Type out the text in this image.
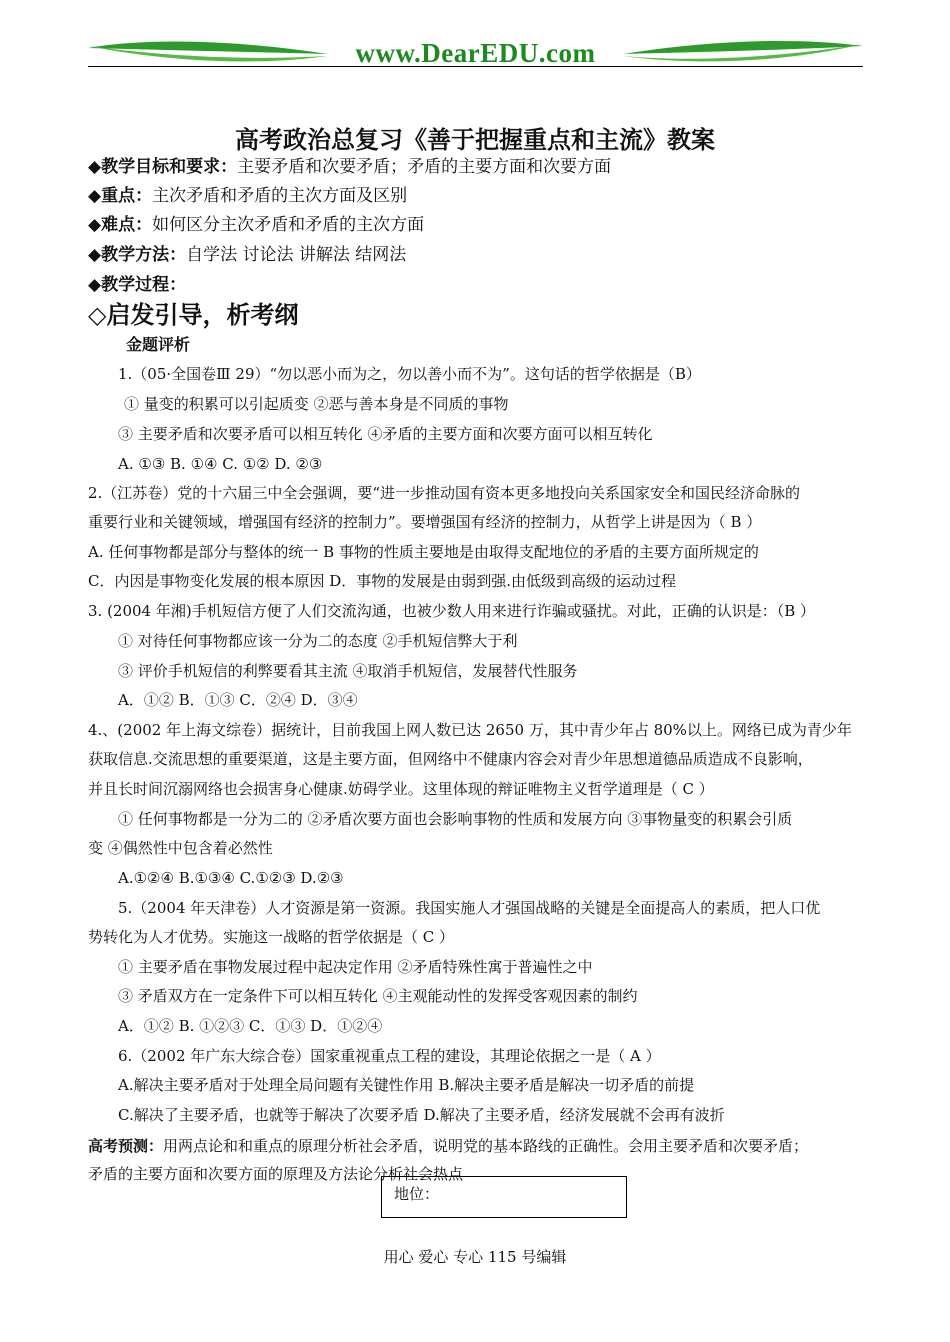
www.DearEDU.com
高考政治总复习《善于把握重点和主流》教案
◆教学目标和要求：主要矛盾和次要矛盾；矛盾的主要方面和次要方面
◆重点：主次矛盾和矛盾的主次方面及区别
◆难点：如何区分主次矛盾和矛盾的主次方面
◆教学方法：自学法 讨论法 讲解法 结网法
◆教学过程：
◇启发引导，析考纲
金题评析
1.（05·全国卷Ⅲ 29）“勿以恶小而为之，勿以善小而不为”。这句话的哲学依据是（B）
① 量变的积累可以引起质变 ②恶与善本身是不同质的事物
③ 主要矛盾和次要矛盾可以相互转化 ④矛盾的主要方面和次要方面可以相互转化
A. ①③ B. ①④ C. ①② D. ②③
2.（江苏卷）党的十六届三中全会强调，要“进一步推动国有资本更多地投向关系国家安全和国民经济命脉的
重要行业和关键领域，增强国有经济的控制力”。要增强国有经济的控制力，从哲学上讲是因为（ B ）
A. 任何事物都是部分与整体的统一 B 事物的性质主要地是由取得支配地位的矛盾的主要方面所规定的
C．内因是事物变化发展的根本原因 D．事物的发展是由弱到强.由低级到高级的运动过程
3. (2004 年湘)手机短信方便了人们交流沟通，也被少数人用来进行诈骗或骚扰。对此，正确的认识是：（B ）
① 对待任何事物都应该一分为二的态度 ②手机短信弊大于利
③ 评价手机短信的利弊要看其主流 ④取消手机短信，发展替代性服务
A．①② B．①③ C．②④ D．③④
4.、(2002 年上海文综卷）据统计，目前我国上网人数已达 2650 万，其中青少年占 80%以上。网络已成为青少年
获取信息.交流思想的重要渠道，这是主要方面，但网络中不健康内容会对青少年思想道德品质造成不良影响，
并且长时间沉溺网络也会损害身心健康.妨碍学业。这里体现的辩证唯物主义哲学道理是（ C ）
① 任何事物都是一分为二的 ②矛盾次要方面也会影响事物的性质和发展方向 ③事物量变的积累会引质
变 ④偶然性中包含着必然性
A.①②④ B.①③④ C.①②③ D.②③
5.（2004 年天津卷）人才资源是第一资源。我国实施人才强国战略的关键是全面提高人的素质，把人口优
势转化为人才优势。实施这一战略的哲学依据是（ C ）
① 主要矛盾在事物发展过程中起决定作用 ②矛盾特殊性寓于普遍性之中
③ 矛盾双方在一定条件下可以相互转化 ④主观能动性的发挥受客观因素的制约
A．①② B. ①②③ C．①③ D．①②④
6.（2002 年广东大综合卷）国家重视重点工程的建设，其理论依据之一是（ A ）
A.解决主要矛盾对于处理全局问题有关键性作用 B.解决主要矛盾是解决一切矛盾的前提
C.解决了主要矛盾，也就等于解决了次要矛盾 D.解决了主要矛盾，经济发展就不会再有波折
高考预测：用两点论和和重点的原理分析社会矛盾，说明党的基本路线的正确性。会用主要矛盾和次要矛盾；
矛盾的主要方面和次要方面的原理及方法论分析社会热点
地位：
用心 爱心 专心 115 号编辑
